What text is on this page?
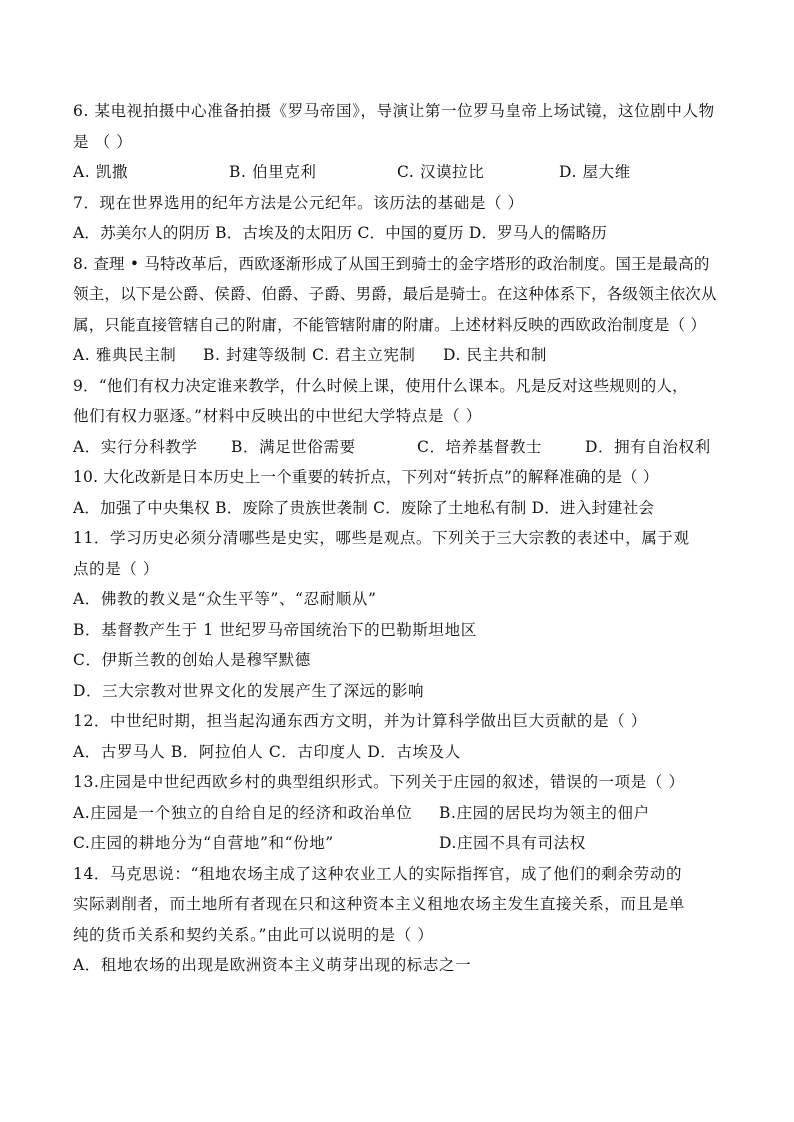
6. 某电视拍摄中心准备拍摄《罗马帝国》，导演让第一位罗马皇帝上场试镜，这位剧中人物
是 （ ）
A. 凯撒	B. 伯里克利	C. 汉谟拉比	D. 屋大维
7．现在世界选用的纪年方法是公元纪年。该历法的基础是（ ）
A．苏美尔人的阴历 B．古埃及的太阳历 C．中国的夏历 D．罗马人的儒略历
8. 查理 • 马特改革后，西欧逐渐形成了从国王到骑士的金字塔形的政治制度。国王是最高的
领主，以下是公爵、侯爵、伯爵、子爵、男爵，最后是骑士。在这种体系下，各级领主依次从
属，只能直接管辖自己的附庸，不能管辖附庸的附庸。上述材料反映的西欧政治制度是（ ）
A. 雅典民主制	B. 封建等级制 C. 君主立宪制	D. 民主共和制
9．“他们有权力决定谁来教学，什么时候上课，使用什么课本。凡是反对这些规则的人，
他们有权力驱逐。”材料中反映出的中世纪大学特点是（ ）
A．实行分科教学	B．满足世俗需要	C．培养基督教士	D．拥有自治权利
10. 大化改新是日本历史上一个重要的转折点，下列对“转折点”的解释准确的是（ ）
A．加强了中央集权 B．废除了贵族世袭制 C．废除了土地私有制 D．进入封建社会
11．学习历史必须分清哪些是史实，哪些是观点。下列关于三大宗教的表述中，属于观
点的是（ ）
A．佛教的教义是“众生平等”、“忍耐顺从”
B．基督教产生于 1 世纪罗马帝国统治下的巴勒斯坦地区
C．伊斯兰教的创始人是穆罕默德
D．三大宗教对世界文化的发展产生了深远的影响
12．中世纪时期，担当起沟通东西方文明，并为计算科学做出巨大贡献的是（ ）
A．古罗马人 B．阿拉伯人 C．古印度人 D．古埃及人
13.庄园是中世纪西欧乡村的典型组织形式。下列关于庄园的叙述，错误的一项是（ ）
A.庄园是一个独立的自给自足的经济和政治单位	B.庄园的居民均为领主的佃户
C.庄园的耕地分为“自营地”和“份地”	D.庄园不具有司法权
14．马克思说：“租地农场主成了这种农业工人的实际指挥官，成了他们的剩余劳动的
实际剥削者，而土地所有者现在只和这种资本主义租地农场主发生直接关系，而且是单
纯的货币关系和契约关系。”由此可以说明的是（ ）
A．租地农场的出现是欧洲资本主义萌芽出现的标志之一
